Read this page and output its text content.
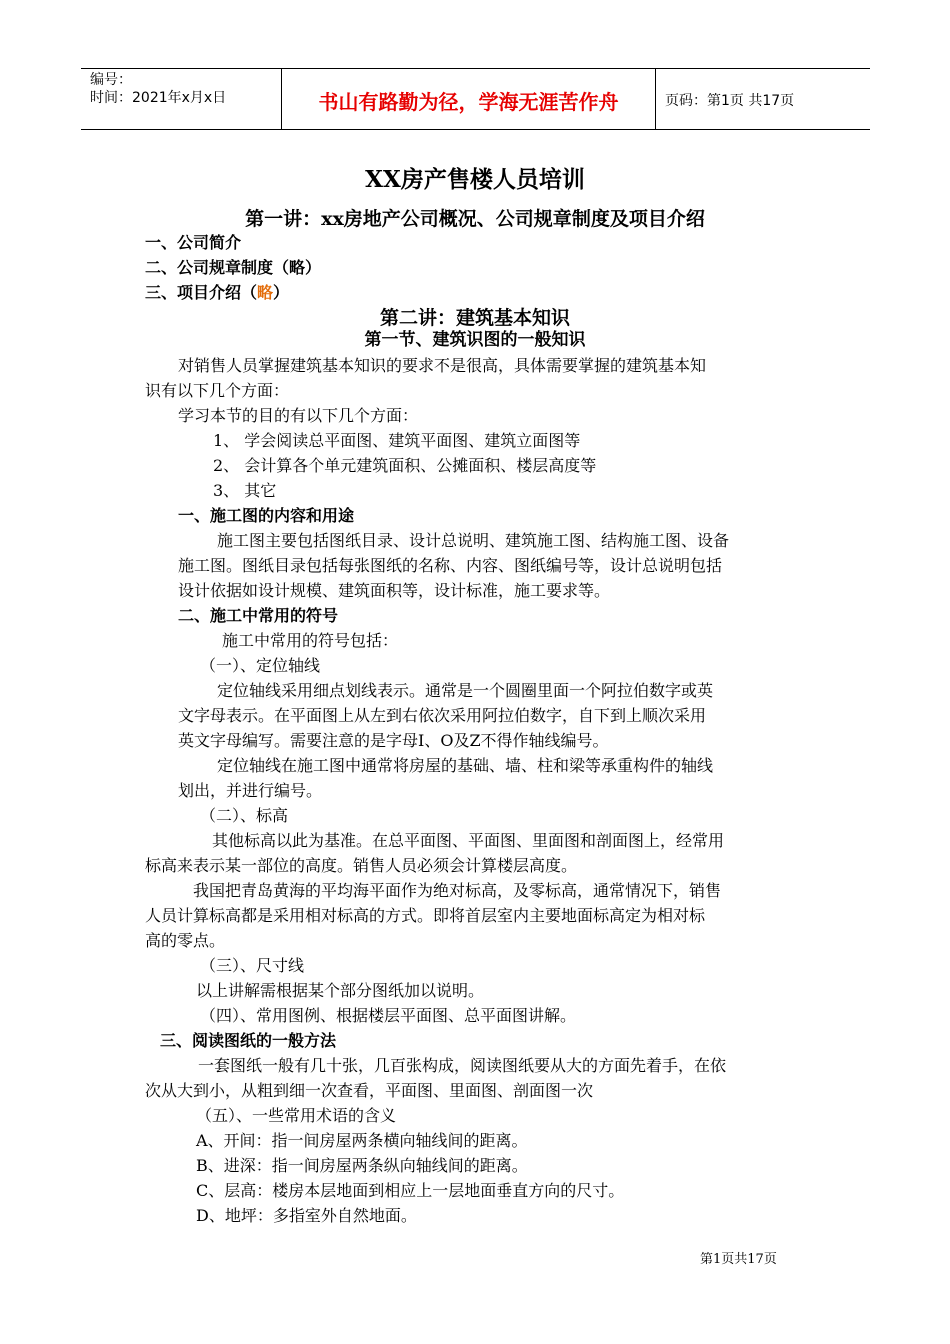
编号：
时间：2021年x月x日	书山有路勤为径，学海无涯苦作舟	页码：第1页 共17页
XX房产售楼人员培训
第一讲：xx房地产公司概况、公司规章制度及项目介绍
一、公司简介
二、公司规章制度（略）
三、项目介绍（略）
第二讲：建筑基本知识
第一节、建筑识图的一般知识
对销售人员掌握建筑基本知识的要求不是很高，具体需要掌握的建筑基本知
识有以下几个方面：
学习本节的目的有以下几个方面：
1、 学会阅读总平面图、建筑平面图、建筑立面图等
2、 会计算各个单元建筑面积、公摊面积、楼层高度等
3、 其它
一、施工图的内容和用途
施工图主要包括图纸目录、设计总说明、建筑施工图、结构施工图、设备
施工图。图纸目录包括每张图纸的名称、内容、图纸编号等，设计总说明包括
设计依据如设计规模、建筑面积等，设计标准，施工要求等。
二、施工中常用的符号
施工中常用的符号包括：
（一）、定位轴线
定位轴线采用细点划线表示。通常是一个圆圈里面一个阿拉伯数字或英
文字母表示。在平面图上从左到右依次采用阿拉伯数字，自下到上顺次采用
英文字母编写。需要注意的是字母I、O及Z不得作轴线编号。
定位轴线在施工图中通常将房屋的基础、墙、柱和梁等承重构件的轴线
划出，并进行编号。
（二）、标高
其他标高以此为基准。在总平面图、平面图、里面图和剖面图上，经常用
标高来表示某一部位的高度。销售人员必须会计算楼层高度。
我国把青岛黄海的平均海平面作为绝对标高，及零标高，通常情况下，销售
人员计算标高都是采用相对标高的方式。即将首层室内主要地面标高定为相对标
高的零点。
（三）、尺寸线
以上讲解需根据某个部分图纸加以说明。
（四）、常用图例、根据楼层平面图、总平面图讲解。
三、阅读图纸的一般方法
一套图纸一般有几十张，几百张构成，阅读图纸要从大的方面先着手，在依
次从大到小，从粗到细一次查看，平面图、里面图、剖面图一次
（五）、一些常用术语的含义
A、开间：指一间房屋两条横向轴线间的距离。
B、进深：指一间房屋两条纵向轴线间的距离。
C、层高：楼房本层地面到相应上一层地面垂直方向的尺寸。
D、地坪：多指室外自然地面。
第1页共17页
